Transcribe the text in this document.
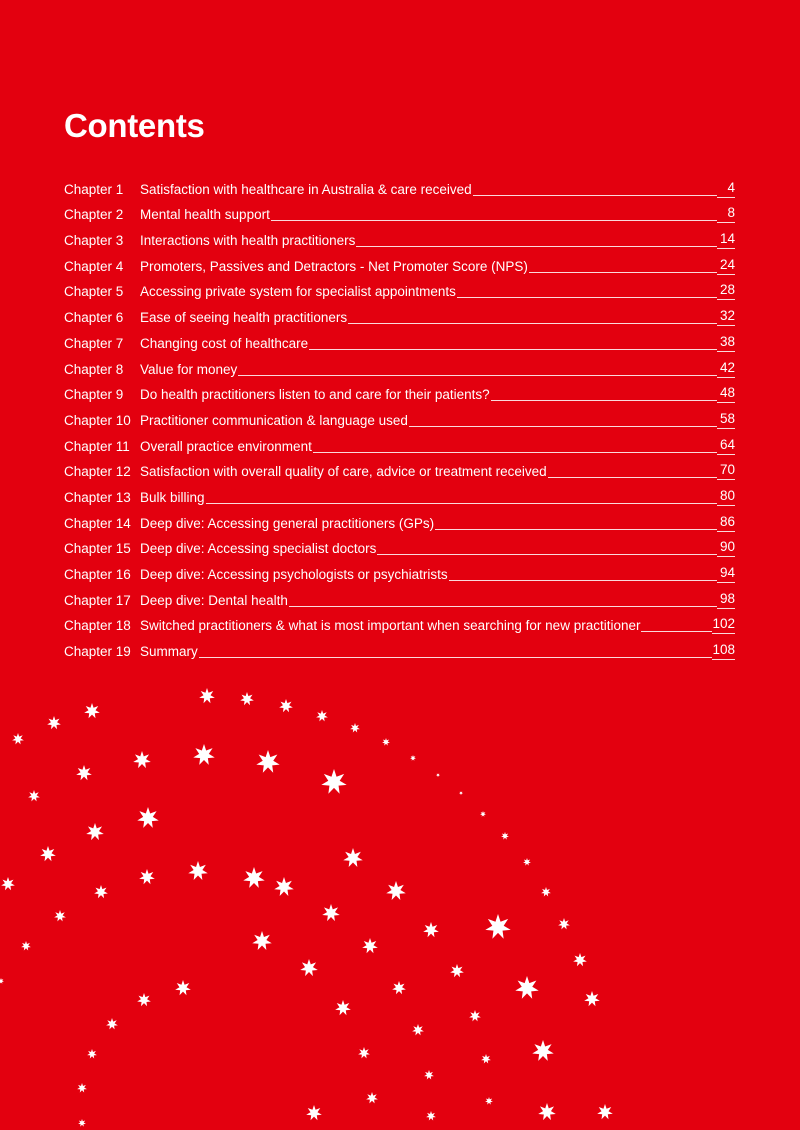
Contents
Chapter 1	Satisfaction with healthcare in Australia & care received	4
Chapter 2	Mental health support	8
Chapter 3	Interactions with health practitioners	14
Chapter 4	Promoters, Passives and Detractors - Net Promoter Score (NPS)	24
Chapter 5	Accessing private system for specialist appointments	28
Chapter 6	Ease of seeing health practitioners	32
Chapter 7	Changing cost of healthcare	38
Chapter 8	Value for money	42
Chapter 9	Do health practitioners listen to and care for their patients?	48
Chapter 10 Practitioner communication & language used	58
Chapter 11 Overall practice environment	64
Chapter 12 Satisfaction with overall quality of care, advice or treatment received	70
Chapter 13 Bulk billing	80
Chapter 14 Deep dive: Accessing general practitioners (GPs)	86
Chapter 15 Deep dive: Accessing specialist doctors	90
Chapter 16 Deep dive: Accessing psychologists or psychiatrists	94
Chapter 17 Deep dive: Dental health	98
Chapter 18 Switched practitioners & what is most important when searching for new practitioner	102
Chapter 19 Summary	108
